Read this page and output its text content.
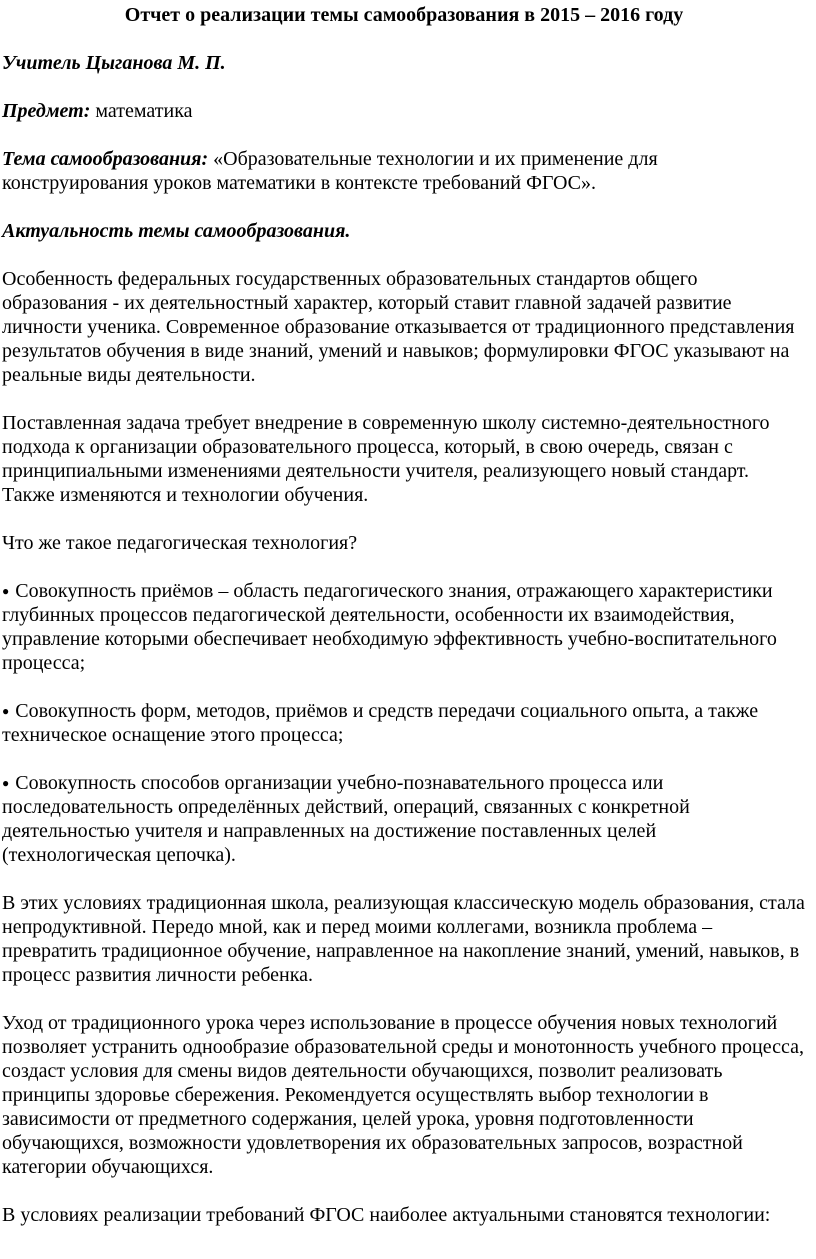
Отчет о реализации темы самообразования в 2015 – 2016 году

Учитель Цыганова М. П.

Предмет: математика

Тема самообразования: «Образовательные технологии и их применение для конструирования уроков математики в контексте требований ФГОС».

Актуальность темы самообразования.

Особенность федеральных государственных образовательных стандартов общего образования - их деятельностный характер, который ставит главной задачей развитие личности ученика. Современное образование отказывается от традиционного представления результатов обучения в виде знаний, умений и навыков; формулировки ФГОС указывают на реальные виды деятельности.

Поставленная задача требует внедрение в современную школу системно-деятельностного подхода к организации образовательного процесса, который, в свою очередь, связан с принципиальными изменениями деятельности учителя, реализующего новый стандарт. Также изменяются и технологии обучения.

Что же такое педагогическая технология?

● Совокупность приёмов – область педагогического знания, отражающего характеристики глубинных процессов педагогической деятельности, особенности их взаимодействия, управление которыми обеспечивает необходимую эффективность учебно-воспитательного процесса;

● Совокупность форм, методов, приёмов и средств передачи социального опыта, а также техническое оснащение этого процесса;

● Совокупность способов организации учебно-познавательного процесса или последовательность определённых действий, операций, связанных с конкретной деятельностью учителя и направленных на достижение поставленных целей (технологическая цепочка).

В этих условиях традиционная школа, реализующая классическую модель образования, стала непродуктивной. Передо мной, как и перед моими коллегами, возникла проблема – превратить традиционное обучение, направленное на накопление знаний, умений, навыков, в процесс развития личности ребенка.

Уход от традиционного урока через использование в процессе обучения новых технологий позволяет устранить однообразие образовательной среды и монотонность учебного процесса, создаст условия для смены видов деятельности обучающихся, позволит реализовать принципы здоровье сбережения. Рекомендуется осуществлять выбор технологии в зависимости от предметного содержания, целей урока, уровня подготовленности обучающихся, возможности удовлетворения их образовательных запросов, возрастной категории обучающихся.

В условиях реализации требований ФГОС наиболее актуальными становятся технологии:
